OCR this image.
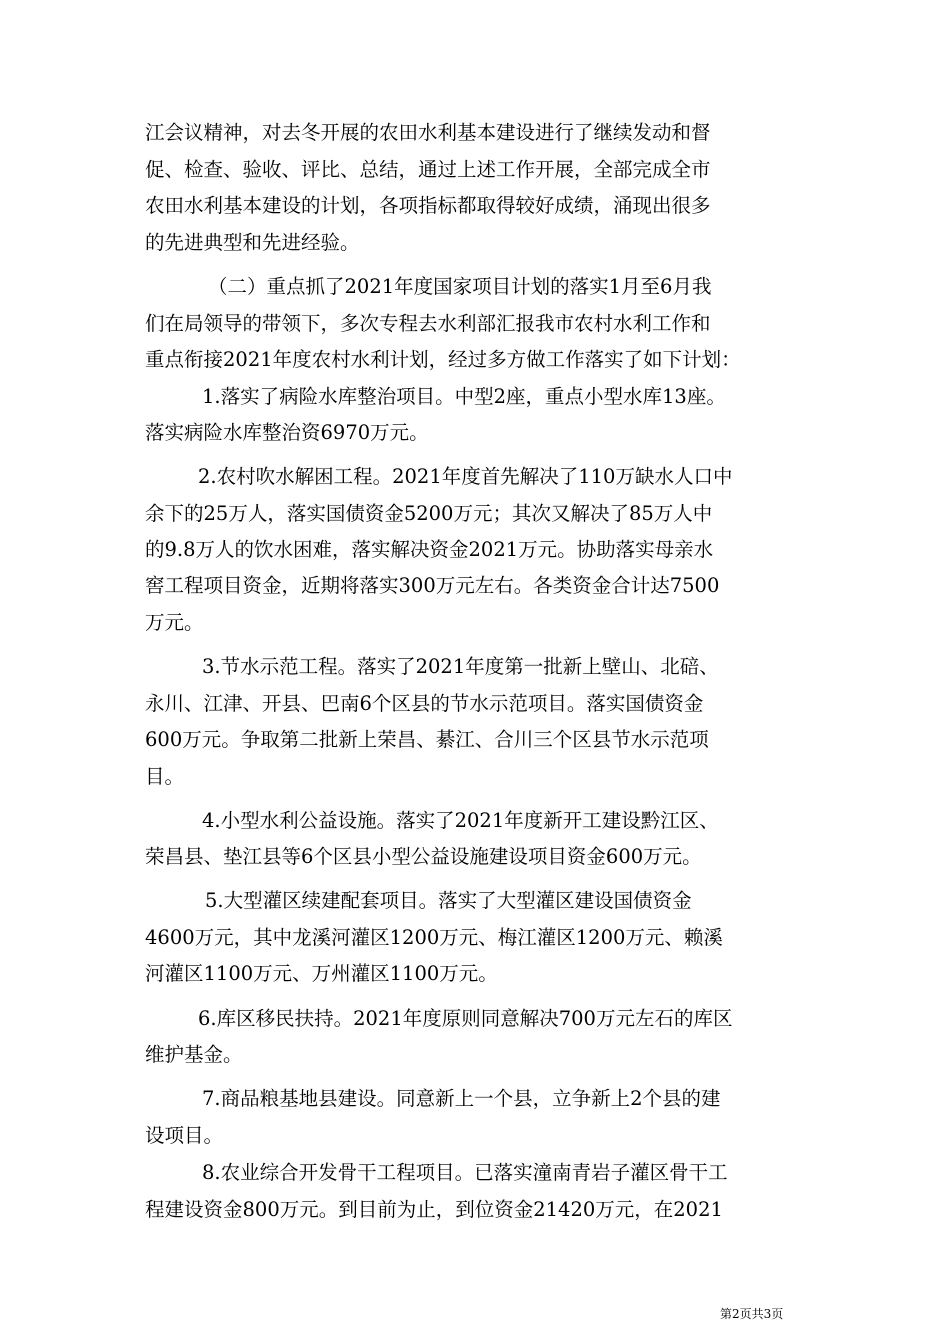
江会议精神，对去冬开展的农田水利基本建设进行了继续发动和督

促、检查、验收、评比、总结，通过上述工作开展，全部完成全市

农田水利基本建设的计划，各项指标都取得较好成绩，涌现出很多

的先进典型和先进经验。

（二）重点抓了2021年度国家项目计划的落实1月至6月我

们在局领导的带领下，多次专程去水利部汇报我市农村水利工作和

重点衔接2021年度农村水利计划，经过多方做工作落实了如下计划：

1.落实了病险水库整治项目。中型2座，重点小型水库13座。

落实病险水库整治资6970万元。

2.农村吹水解困工程。2021年度首先解决了110万缺水人口中

余下的25万人，落实国债资金5200万元；其次又解决了85万人中

的9.8万人的饮水困难，落实解决资金2021万元。协助落实母亲水

窖工程项目资金，近期将落实300万元左右。各类资金合计达7500

万元。

3.节水示范工程。落实了2021年度第一批新上壁山、北碚、

永川、江津、开县、巴南6个区县的节水示范项目。落实国债资金

600万元。争取第二批新上荣昌、綦江、合川三个区县节水示范项

目。

4.小型水利公益设施。落实了2021年度新开工建设黔江区、

荣昌县、垫江县等6个区县小型公益设施建设项目资金600万元。

5.大型灌区续建配套项目。落实了大型灌区建设国债资金

4600万元，其中龙溪河灌区1200万元、梅江灌区1200万元、赖溪

河灌区1100万元、万州灌区1100万元。

6.库区移民扶持。2021年度原则同意解决700万元左石的库区

维护基金。

7.商品粮基地县建设。同意新上一个县，立争新上2个县的建

设项目。

8.农业综合开发骨干工程项目。已落实潼南青岩子灌区骨干工

程建设资金800万元。到目前为止，到位资金21420万元，在2021

第2页共3页
